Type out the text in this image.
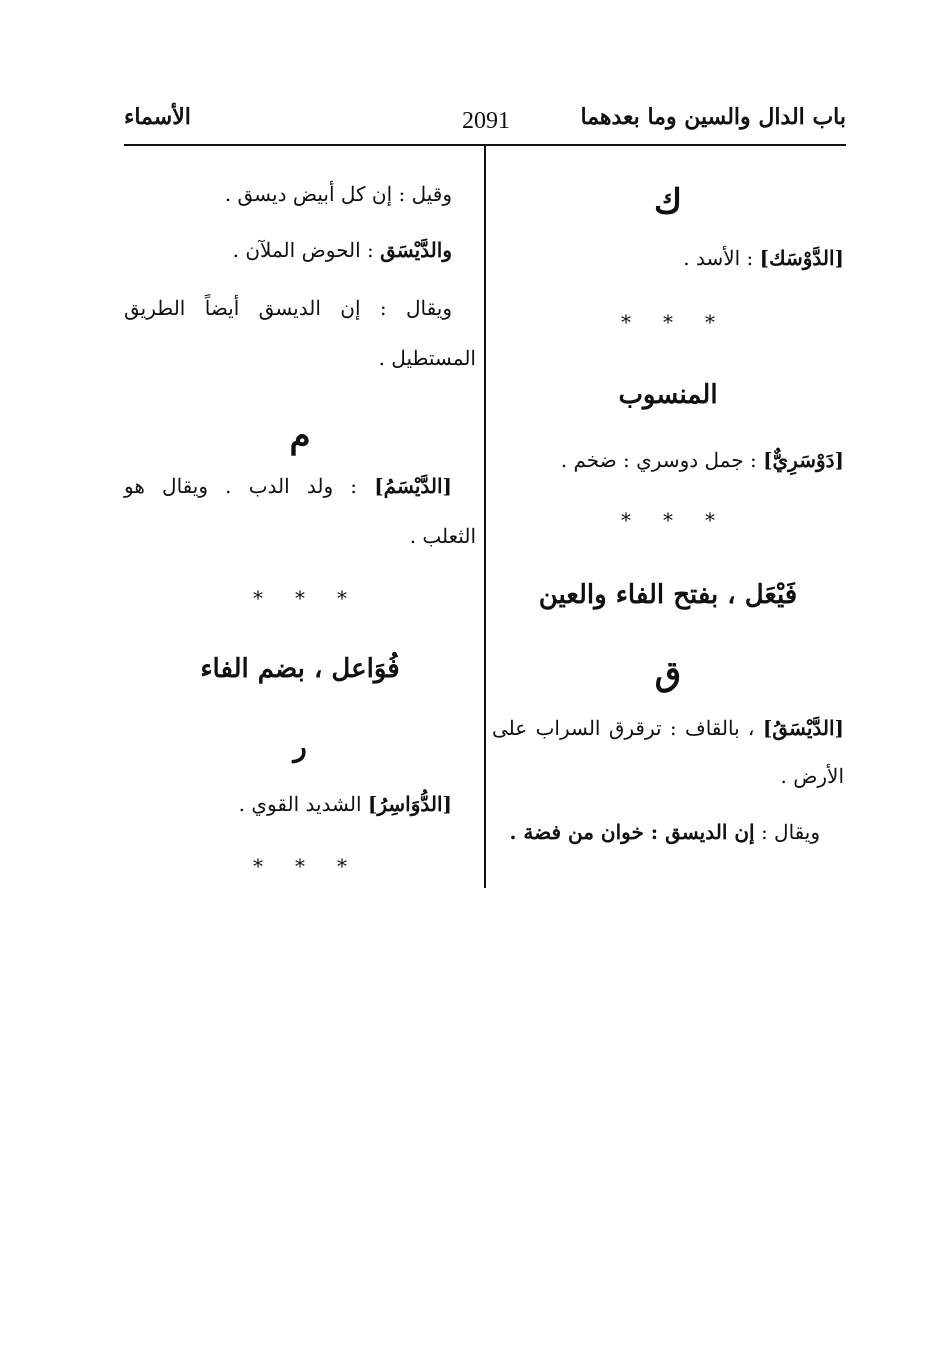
باب الدال والسين وما بعدهما
2091
الأسماء
ك
[الدَّوْسَك] : الأسد .
***
المنسوب
[دَوْسَرِيٌّ] : جمل دوسري : ضخم .
***
فَيْعَل ، بفتح الفاء والعين
ق
[الدَّيْسَقُ] ، بالقاف : ترقرق السراب على
الأرض .
ويقال : إن الديسق : خوان من فضة .
وقيل : إن كل أبيض ديسق .
والدَّيْسَق : الحوض الملآن .
ويقال : إن الديسق أيضاً الطريق
المستطيل .
م
[الدَّيْسَمُ] : ولد الدب . ويقال هو
الثعلب .
***
فُوَاعل ، بضم الفاء
ر
[الدُّوَاسِرُ] الشديد القوي .
***
